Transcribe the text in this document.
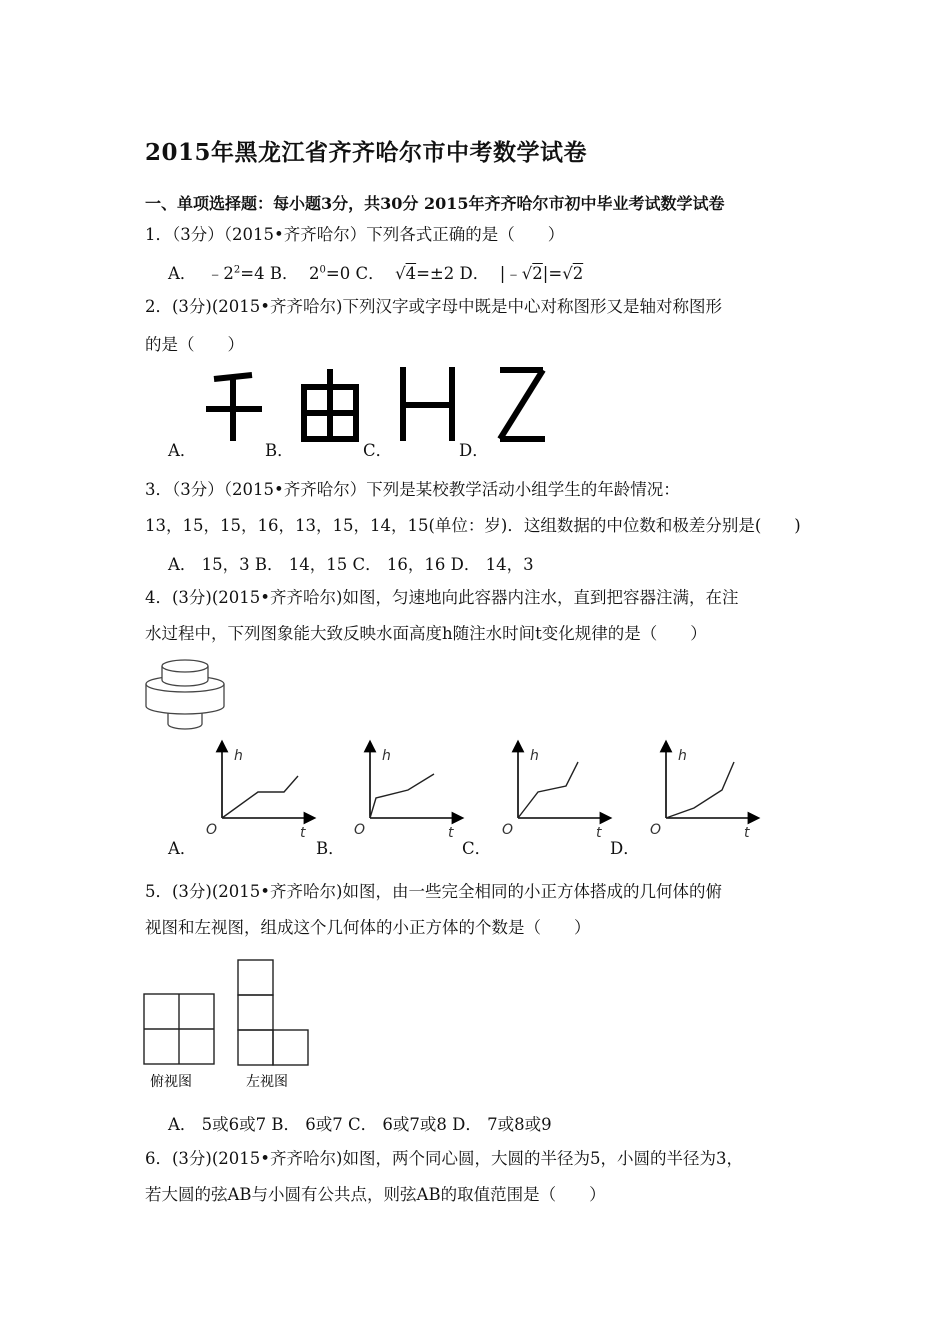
2015年黑龙江省齐齐哈尔市中考数学试卷
一、单项选择题：每小题3分，共30分 2015年齐齐哈尔市初中毕业考试数学试卷
1．（3分）（2015•齐齐哈尔）下列各式正确的是（　　）
A． $﹣2^2=4$ B． $2^0=0$ C． √4=±2 D． |﹣√2|=√2
2．(3分)(2015•齐齐哈尔)下列汉字或字母中既是中心对称图形又是轴对称图形
的是（　　）
A．	B．	C．	D．
3．（3分）（2015•齐齐哈尔）下列是某校教学活动小组学生的年龄情况：
13，15，15，16，13，15，14，15(单位：岁)．这组数据的中位数和极差分别是(　　)
A． 15，3 B． 14，15 C． 16，16 D． 14，3
4．(3分)(2015•齐齐哈尔)如图，匀速地向此容器内注水，直到把容器注满，在注
水过程中，下列图象能大致反映水面高度h随注水时间t变化规律的是（　　）
h
O	t
h
O	t
h
O	t
h
O	t
A．	B．	C．	D．
5．(3分)(2015•齐齐哈尔)如图，由一些完全相同的小正方体搭成的几何体的俯
视图和左视图，组成这个几何体的小正方体的个数是（　　）
俯视图	左视图
A． 5或6或7 B． 6或7 C． 6或7或8 D． 7或8或9
6．(3分)(2015•齐齐哈尔)如图，两个同心圆，大圆的半径为5，小圆的半径为3，
若大圆的弦AB与小圆有公共点，则弦AB的取值范围是（　　）
